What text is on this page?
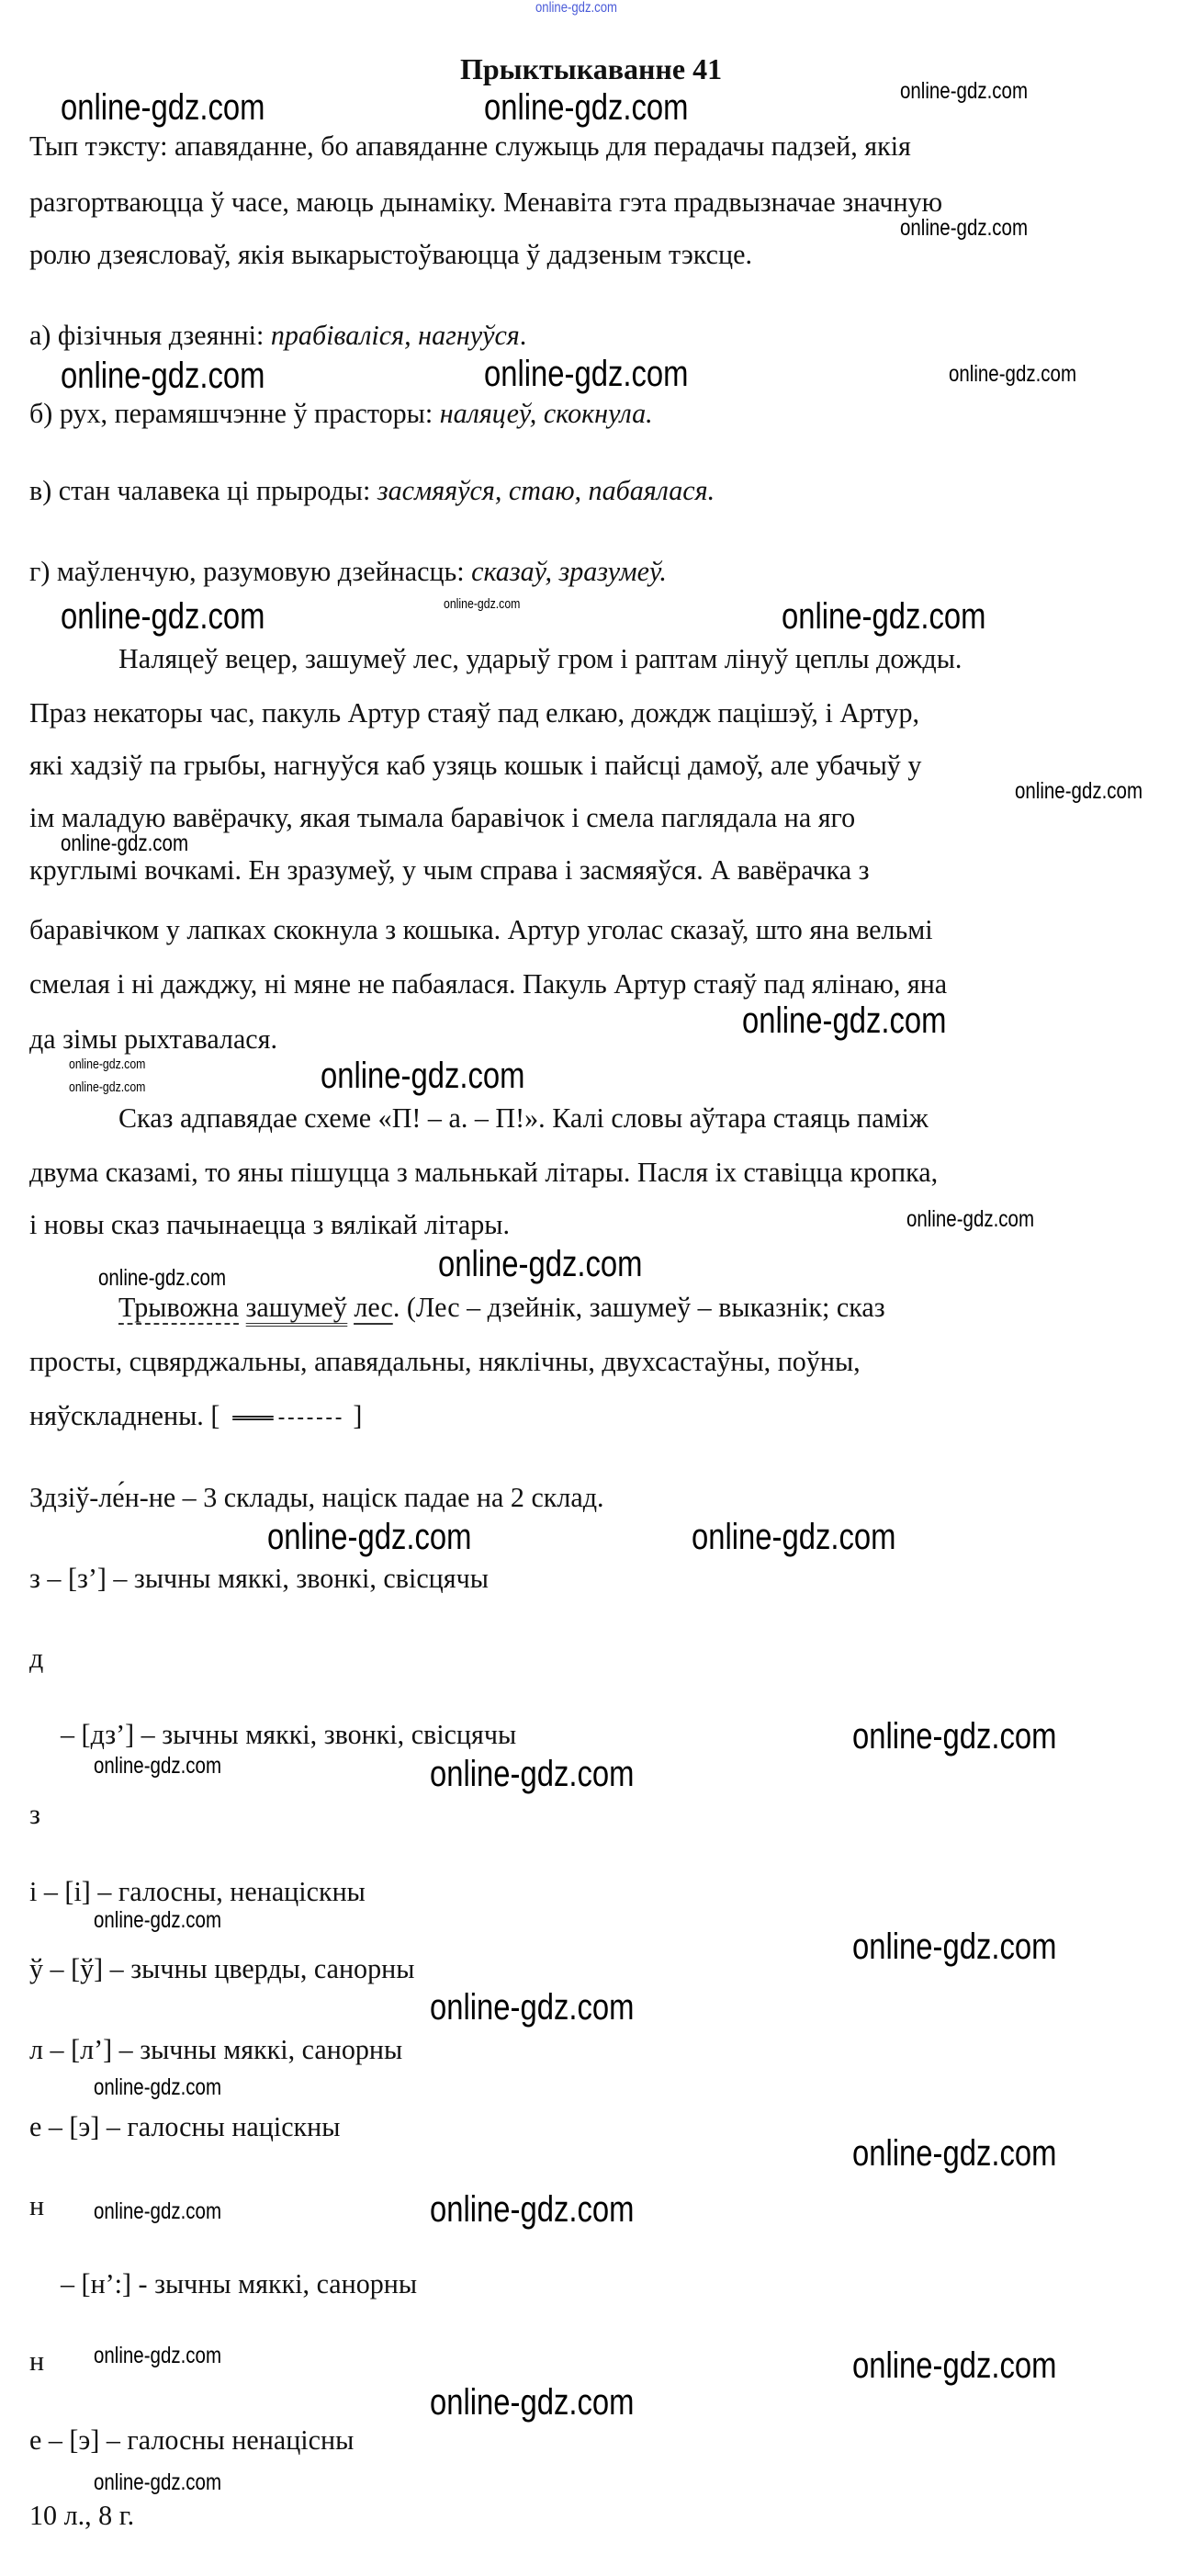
Прыктыкаванне 41
Тып тэксту: апавяданне, бо апавяданне служыць для перадачы падзей, якія
разгортваюцца ў часе, маюць дынаміку. Менавіта гэта прадвызначае значную
ролю дзеясловаў, якія выкарыстоўваюцца ў дадзеным тэксце.
а) фізічныя дзеянні: прабіваліся, нагнуўся.
б) рух, перамяшчэнне ў прасторы: наляцеў, скокнула.
в) стан чалавека ці прыроды: засмяяўся, стаю, пабаялася.
г) маўленчую, разумовую дзейнасць: сказаў, зразумеў.
Наляцеў вецер, зашумеў лес, ударыў гром і раптам лінуў цеплы дожды.
Праз некаторы час, пакуль Артур стаяў пад елкаю, дождж пацішэў, і Артур,
які хадзіў па грыбы, нагнуўся каб узяць кошык і пайсці дамоў, але убачыў у
ім маладую вавёрачку, якая тымала баравічок і смела паглядала на яго
круглымі вочкамі. Ен зразумеў, у чым справа і засмяяўся. А вавёрачка з
баравічком у лапках скокнула з кошыка. Артур уголас сказаў, што яна вельмі
смелая і ні дажджу, ні мяне не пабаялася. Пакуль Артур стаяў пад ялінаю, яна
да зімы рыхтавалася.
Сказ адпавядае схеме «П! – а. – П!». Калі словы аўтара стаяць паміж
двума сказамі, то яны пішуцца з мальнькай літары. Пасля іх ставіцца кропка,
і новы сказ пачынаецца з вялікай літары.
Трывожна зашумеў лес. (Лес – дзейнік, зашумеў – выказнік; сказ
просты, сцвярджальны, апавядальны, няклічны, двухсастаўны, поўны,
няўскладнены. [	]
Здзіў-ле́н-не – 3 склады, націск падае на 2 склад.
з – [з’] – зычны мяккі, звонкі, свісцячы
д
– [дз’] – зычны мяккі, звонкі, свісцячы
з
і – [і] – галосны, ненацiскны
ў – [ў] – зычны цверды, санорны
л – [л’] – зычны мяккі, санорны
е – [э] – галосны націскны
н
– [н’:] - зычны мяккі, санорны
н
е – [э] – галосны ненацісны
10 л., 8 г.
online-gdz.com
online-gdz.com
online-gdz.com	online-gdz.com
online-gdz.com
online-gdz.com	online-gdz.com
online-gdz.com
online-gdz.com
online-gdz.com
online-gdz.com
online-gdz.com
online-gdz.com
online-gdz.com
online-gdz.com
online-gdz.com
online-gdz.com
online-gdz.com
online-gdz.com
online-gdz.com
online-gdz.com	online-gdz.com
online-gdz.com
online-gdz.com	online-gdz.com
online-gdz.com
online-gdz.com
online-gdz.com
online-gdz.com
online-gdz.com
online-gdz.com
online-gdz.com
online-gdz.com	online-gdz.com
online-gdz.com
online-gdz.com
